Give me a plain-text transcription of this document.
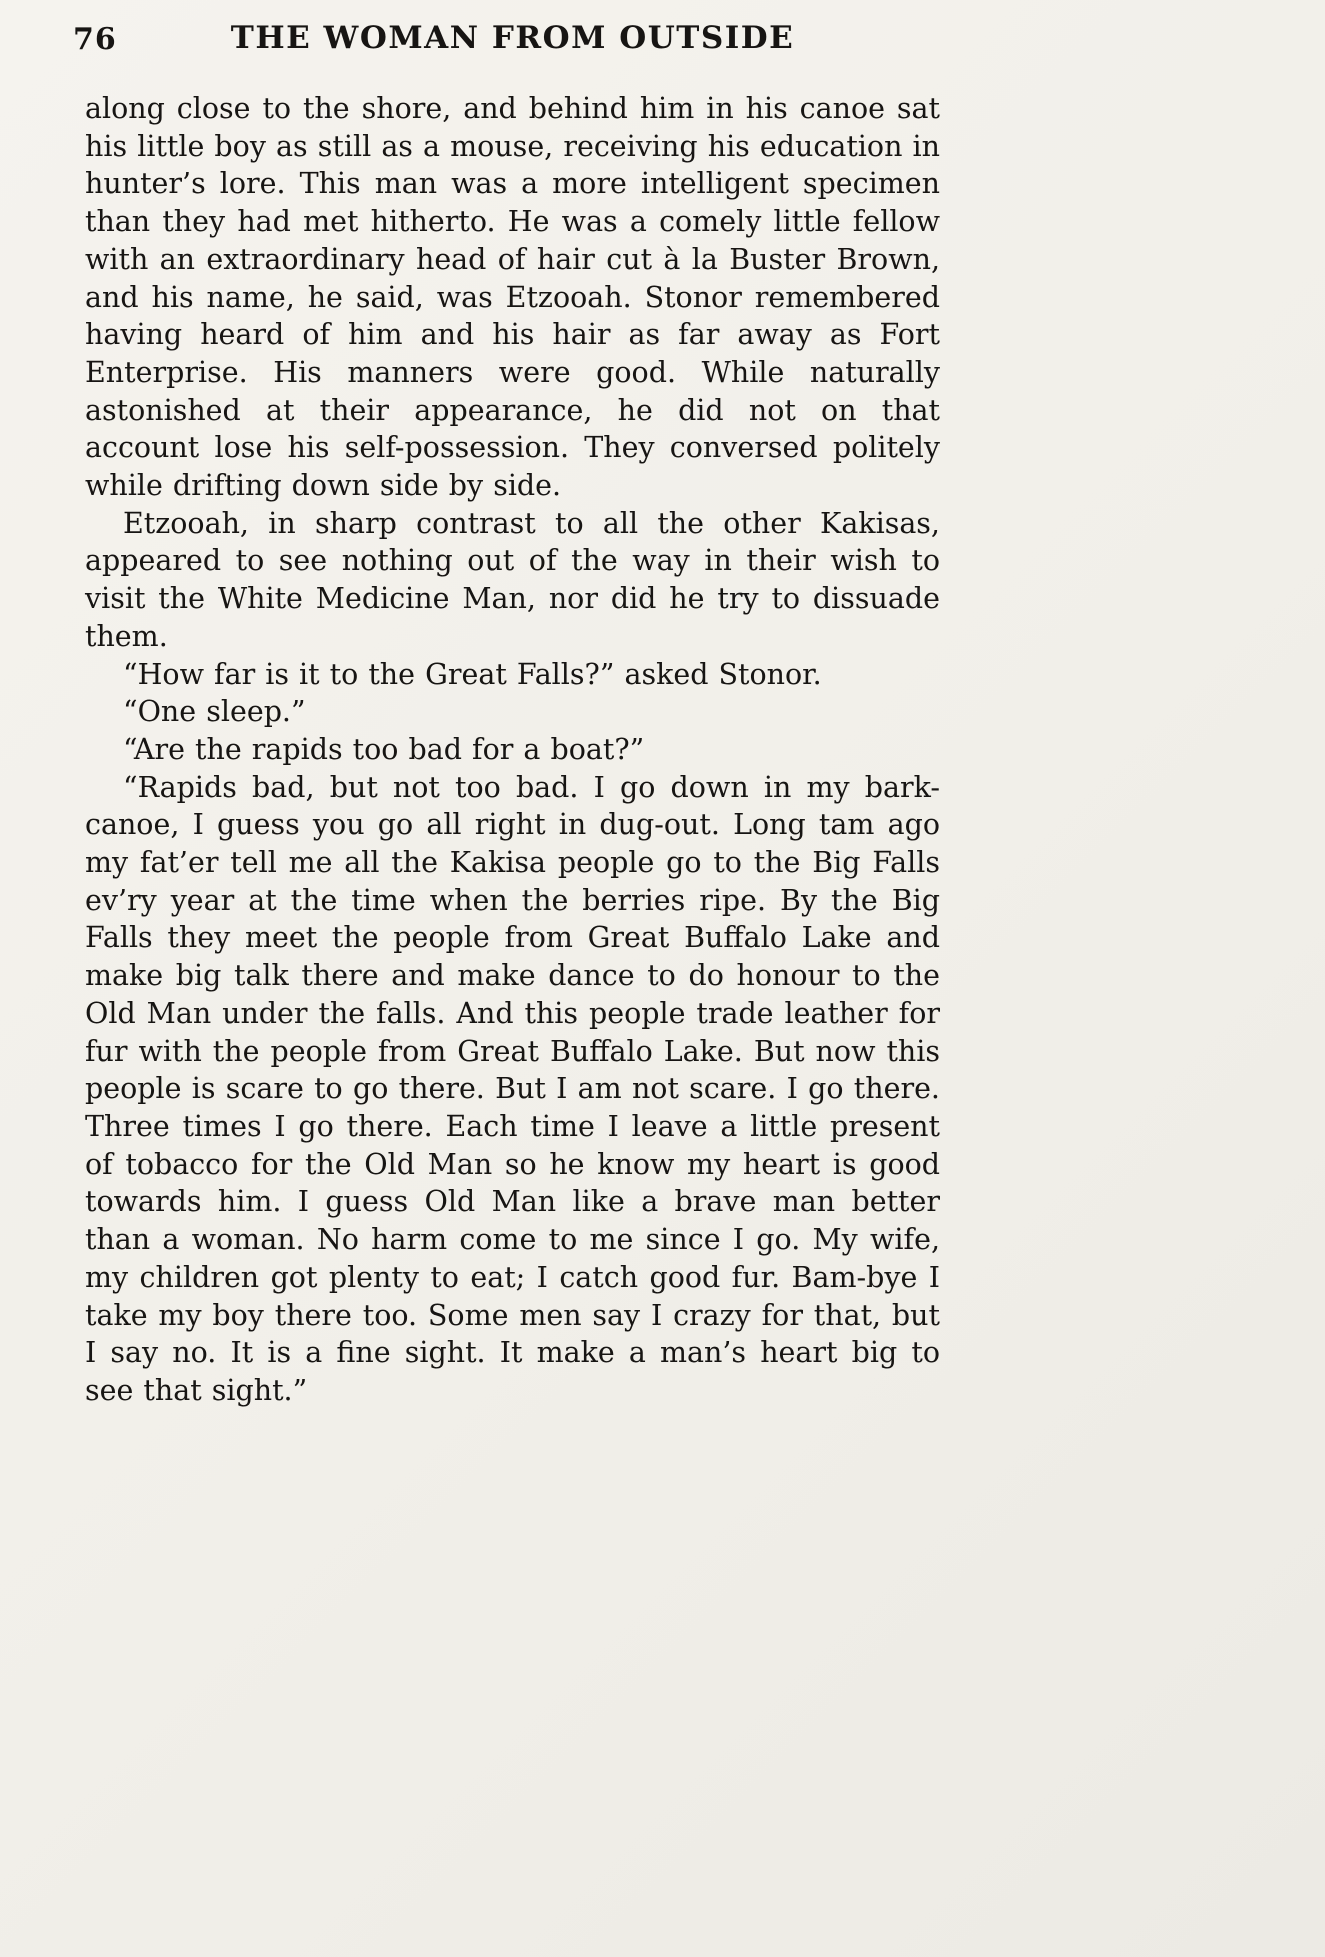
76	THE WOMAN FROM OUTSIDE

along close to the shore, and behind him in his canoe sat his little boy as still as a mouse, receiving his education in hunter’s lore. This man was a more intelligent specimen than they had met hitherto. He was a comely little fellow with an extraordinary head of hair cut à la Buster Brown, and his name, he said, was Etzooah. Stonor remembered having heard of him and his hair as far away as Fort Enterprise. His manners were good. While naturally astonished at their appearance, he did not on that account lose his self-possession. They conversed politely while drifting down side by side.

Etzooah, in sharp contrast to all the other Kakisas, appeared to see nothing out of the way in their wish to visit the White Medicine Man, nor did he try to dissuade them.

“How far is it to the Great Falls?” asked Stonor.

“One sleep.”

“Are the rapids too bad for a boat?”

“Rapids bad, but not too bad. I go down in my bark-canoe, I guess you go all right in dug-out. Long tam ago my fat’er tell me all the Kakisa people go to the Big Falls ev’ry year at the time when the berries ripe. By the Big Falls they meet the people from Great Buffalo Lake and make big talk there and make dance to do honour to the Old Man under the falls. And this people trade leather for fur with the people from Great Buffalo Lake. But now this people is scare to go there. But I am not scare. I go there. Three times I go there. Each time I leave a little present of tobacco for the Old Man so he know my heart is good towards him. I guess Old Man like a brave man better than a woman. No harm come to me since I go. My wife, my children got plenty to eat; I catch good fur. Bam-bye I take my boy there too. Some men say I crazy for that, but I say no. It is a fine sight. It make a man’s heart big to see that sight.”
